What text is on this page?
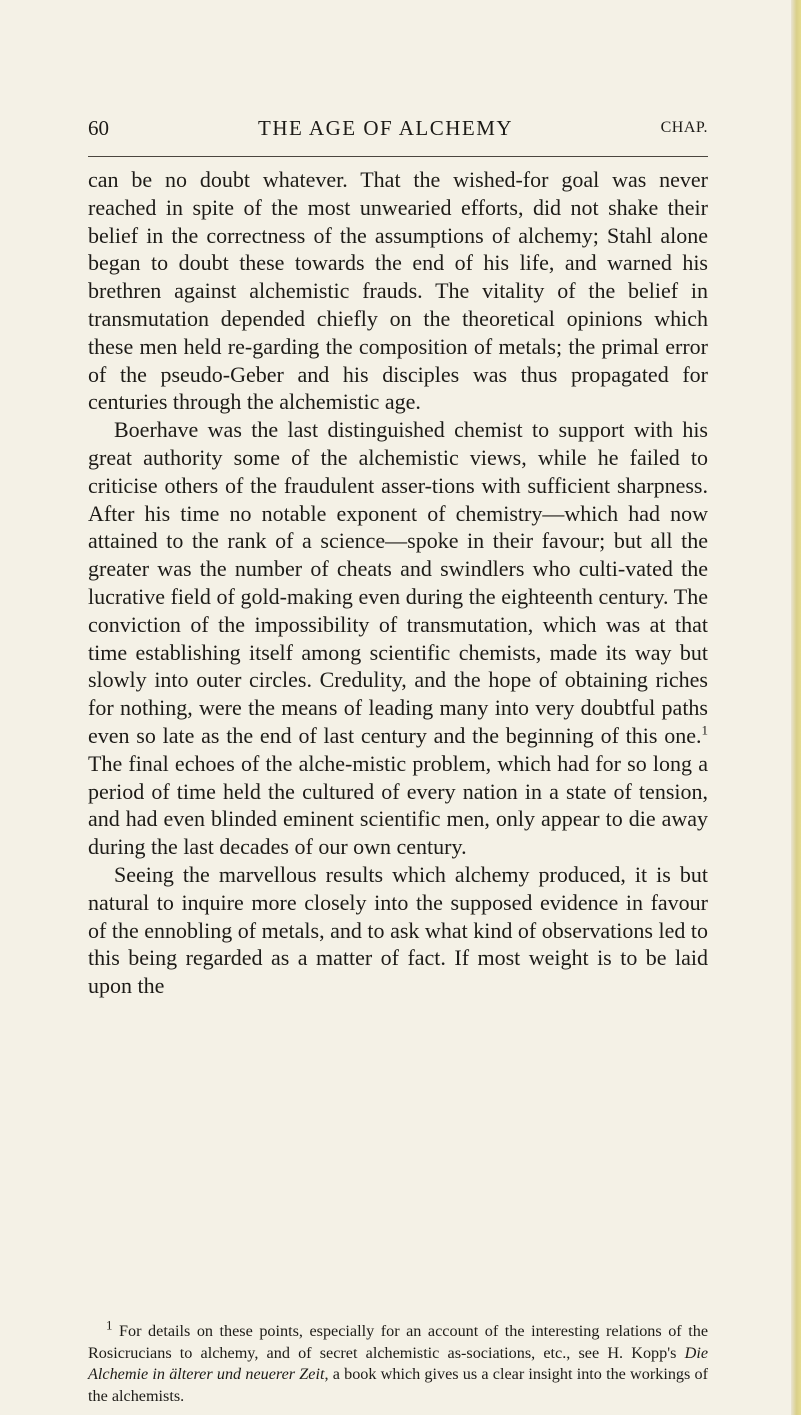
60	THE AGE OF ALCHEMY	CHAP.

can be no doubt whatever. That the wished-for goal was never reached in spite of the most unwearied efforts, did not shake their belief in the correctness of the assumptions of alchemy; Stahl alone began to doubt these towards the end of his life, and warned his brethren against alchemistic frauds. The vitality of the belief in transmutation depended chiefly on the theoretical opinions which these men held re-garding the composition of metals; the primal error of the pseudo-Geber and his disciples was thus propagated for centuries through the alchemistic age.

Boerhave was the last distinguished chemist to support with his great authority some of the alchemistic views, while he failed to criticise others of the fraudulent asser-tions with sufficient sharpness. After his time no notable exponent of chemistry—which had now attained to the rank of a science—spoke in their favour; but all the greater was the number of cheats and swindlers who culti-vated the lucrative field of gold-making even during the eighteenth century. The conviction of the impossibility of transmutation, which was at that time establishing itself among scientific chemists, made its way but slowly into outer circles. Credulity, and the hope of obtaining riches for nothing, were the means of leading many into very doubtful paths even so late as the end of last century and the beginning of this one.$^1$ The final echoes of the alche-mistic problem, which had for so long a period of time held the cultured of every nation in a state of tension, and had even blinded eminent scientific men, only appear to die away during the last decades of our own century.

Seeing the marvellous results which alchemy produced, it is but natural to inquire more closely into the supposed evidence in favour of the ennobling of metals, and to ask what kind of observations led to this being regarded as a matter of fact. If most weight is to be laid upon the

$^1$ For details on these points, especially for an account of the interesting relations of the Rosicrucians to alchemy, and of secret alchemistic as-sociations, etc., see H. Kopp's Die Alchemie in älterer und neuerer Zeit, a book which gives us a clear insight into the workings of the alchemists.
